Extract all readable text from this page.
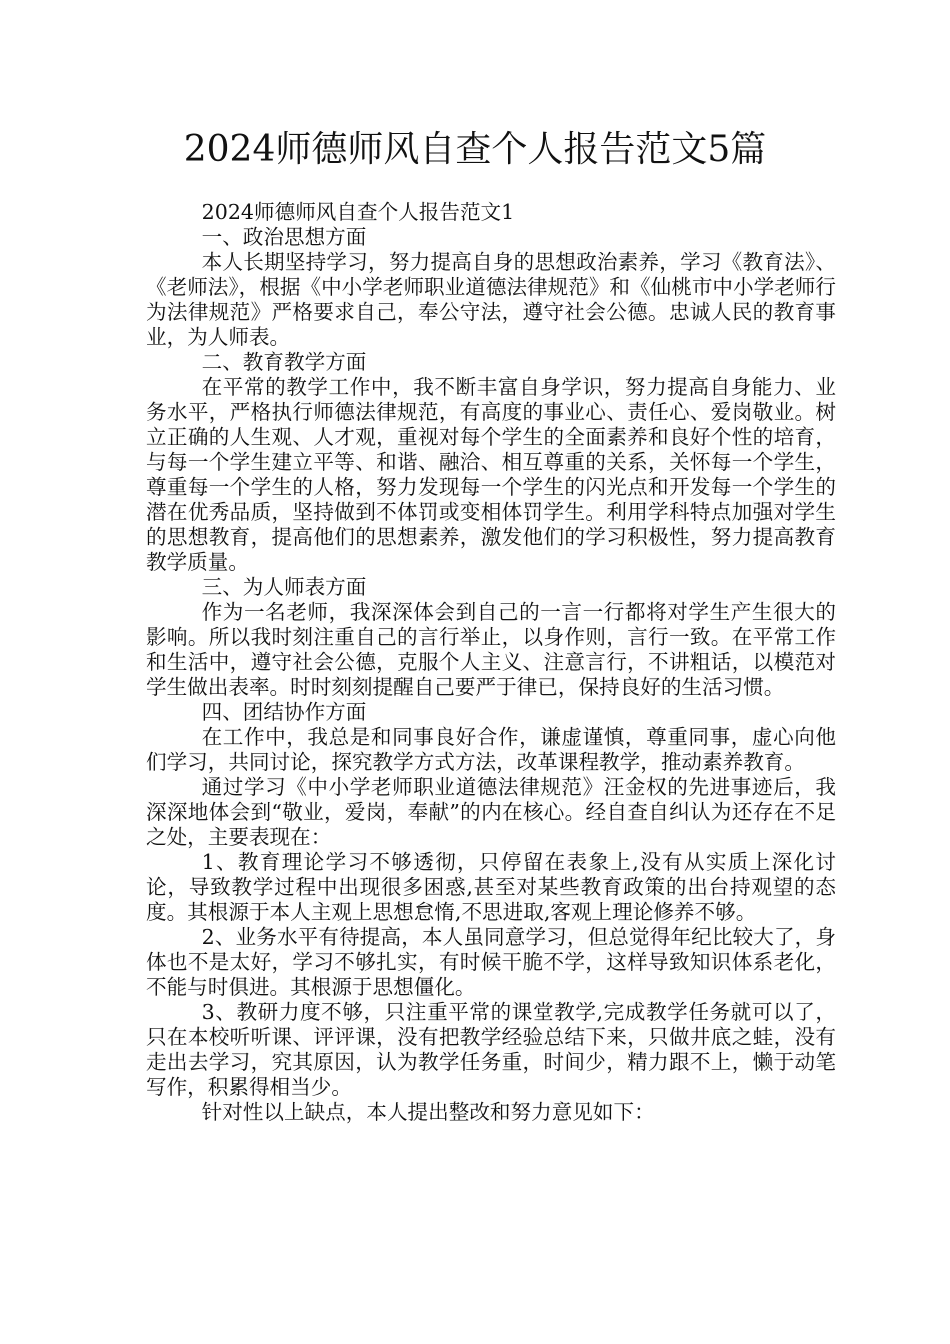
2024师德师风自查个人报告范文5篇

2024师德师风自查个人报告范文1

一、政治思想方面

本人长期坚持学习，努力提高自身的思想政治素养，学习《教育法》、《老师法》，根据《中小学老师职业道德法律规范》和《仙桃市中小学老师行为法律规范》严格要求自己，奉公守法，遵守社会公德。忠诚人民的教育事业，为人师表。

二、教育教学方面

在平常的教学工作中，我不断丰富自身学识，努力提高自身能力、业务水平，严格执行师德法律规范，有高度的事业心、责任心、爱岗敬业。树立正确的人生观、人才观，重视对每个学生的全面素养和良好个性的培育，与每一个学生建立平等、和谐、融洽、相互尊重的关系，关怀每一个学生，尊重每一个学生的人格，努力发现每一个学生的闪光点和开发每一个学生的潜在优秀品质，坚持做到不体罚或变相体罚学生。利用学科特点加强对学生的思想教育，提高他们的思想素养，激发他们的学习积极性，努力提高教育教学质量。

三、为人师表方面

作为一名老师，我深深体会到自己的一言一行都将对学生产生很大的影响。所以我时刻注重自己的言行举止，以身作则，言行一致。在平常工作和生活中，遵守社会公德，克服个人主义、注意言行，不讲粗话，以模范对学生做出表率。时时刻刻提醒自己要严于律已，保持良好的生活习惯。

四、团结协作方面

在工作中，我总是和同事良好合作，谦虚谨慎，尊重同事，虚心向他们学习，共同讨论，探究教学方式方法，改革课程教学，推动素养教育。

通过学习《中小学老师职业道德法律规范》汪金权的先进事迹后，我深深地体会到“敬业，爱岗，奉献”的内在核心。经自查自纠认为还存在不足之处，主要表现在：

1、教育理论学习不够透彻，只停留在表象上,没有从实质上深化讨论，导致教学过程中出现很多困惑,甚至对某些教育政策的出台持观望的态度。其根源于本人主观上思想怠惰,不思进取,客观上理论修养不够。

2、业务水平有待提高，本人虽同意学习，但总觉得年纪比较大了，身体也不是太好，学习不够扎实，有时候干脆不学，这样导致知识体系老化，不能与时俱进。其根源于思想僵化。

3、教研力度不够，只注重平常的课堂教学,完成教学任务就可以了，只在本校听听课、评评课，没有把教学经验总结下来，只做井底之蛙，没有走出去学习，究其原因，认为教学任务重，时间少，精力跟不上，懒于动笔写作，积累得相当少。

针对性以上缺点，本人提出整改和努力意见如下：
